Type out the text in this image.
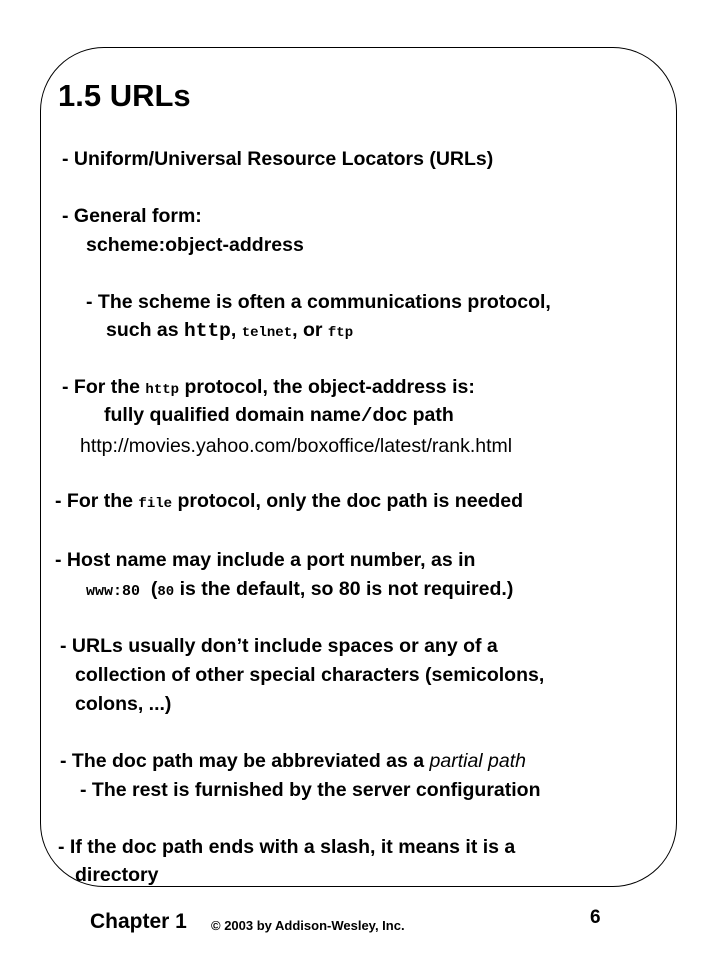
1.5 URLs
- Uniform/Universal Resource Locators (URLs)
- General form:
scheme:object-address
- The scheme is often a communications protocol,
such as http, telnet, or ftp
- For the http protocol, the object-address is:
fully qualified domain name/doc path
http://movies.yahoo.com/boxoffice/latest/rank.html
- For the file protocol, only the doc path is needed
- Host name may include a port number, as in
www:80  (80 is the default, so 80 is not required.)
- URLs usually don’t include spaces or any of a
collection of other special characters (semicolons,
colons, ...)
- The doc path may be abbreviated as a partial path
- The rest is furnished by the server configuration
- If the doc path ends with a slash, it means it is a
directory
Chapter 1 © 2003 by Addison-Wesley, Inc.	6
